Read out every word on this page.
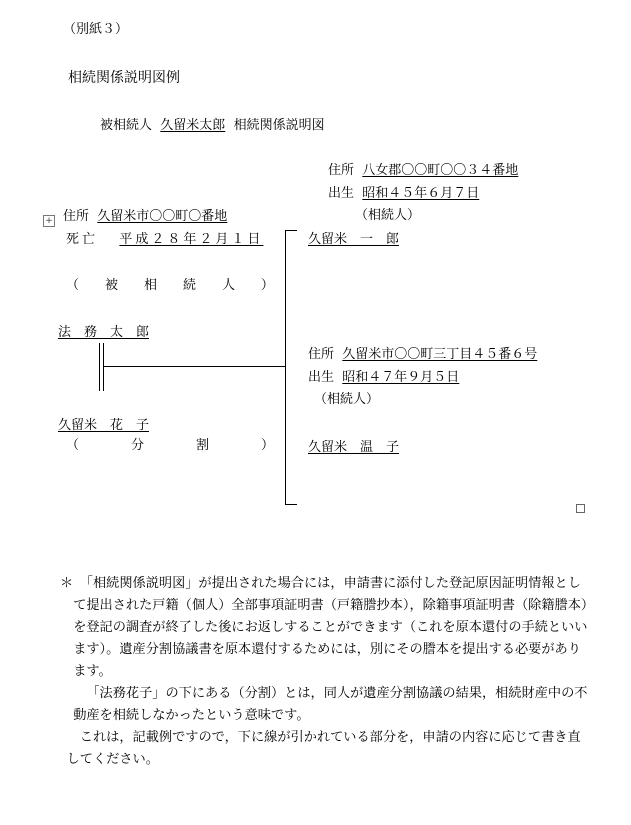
（別紙３）
相続関係説明図例
被相続人 久留米太郎 相続関係説明図
住所 八女郡〇〇町〇〇３４番地
出生 昭和４５年６月７日
（相続人）
久留米　一　郎
+ 住所 久留米市〇〇町〇番地
死亡 平成２８年２月１日
（ 被 相 続 人 ）
法　務　太　郎
久留米　花　子
（	分	割	）
住所 久留米市〇〇町三丁目４５番６号
出生 昭和４７年９月５日
（相続人）
久留米　温　子

＊　「相続関係説明図」が提出された場合には，申請書に添付した登記原因証明情報として提出された戸籍（個人）全部事項証明書（戸籍謄抄本），除籍事項証明書（除籍謄本）を登記の調査が終了した後にお返しすることができます（これを原本還付の手続といいます）。遺産分割協議書を原本還付するためには，別にその謄本を提出する必要があります。

「法務花子」の下にある（分割）とは，同人が遺産分割協議の結果，相続財産中の不動産を相続しなかったという意味です。

これは，記載例ですので，下に線が引かれている部分を，申請の内容に応じて書き直してください。
